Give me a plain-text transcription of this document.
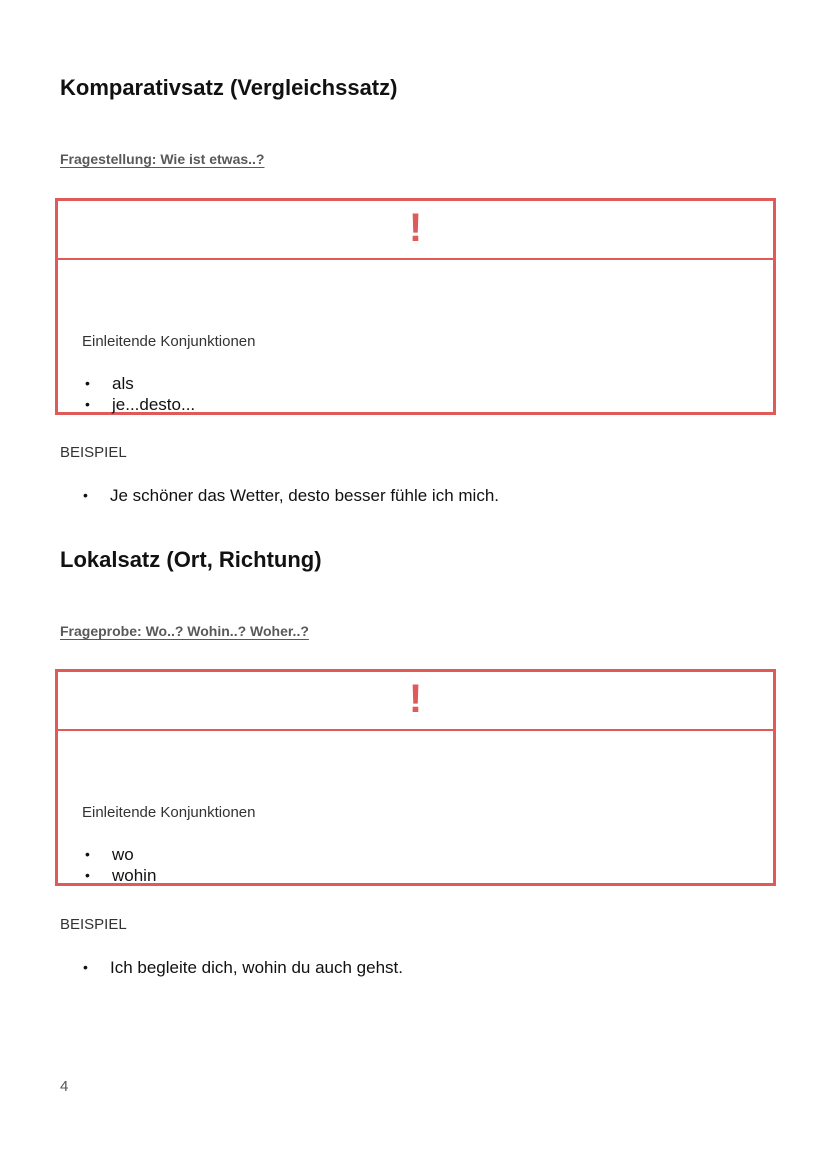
Komparativsatz (Vergleichssatz)
Fragestellung: Wie ist etwas..?
!
Einleitende Konjunktionen
• als
• je...desto...
BEISPIEL
• Je schöner das Wetter, desto besser fühle ich mich.
Lokalsatz (Ort, Richtung)
Frageprobe: Wo..? Wohin..? Woher..?
!
Einleitende Konjunktionen
• wo
• wohin
BEISPIEL
• Ich begleite dich, wohin du auch gehst.
4
